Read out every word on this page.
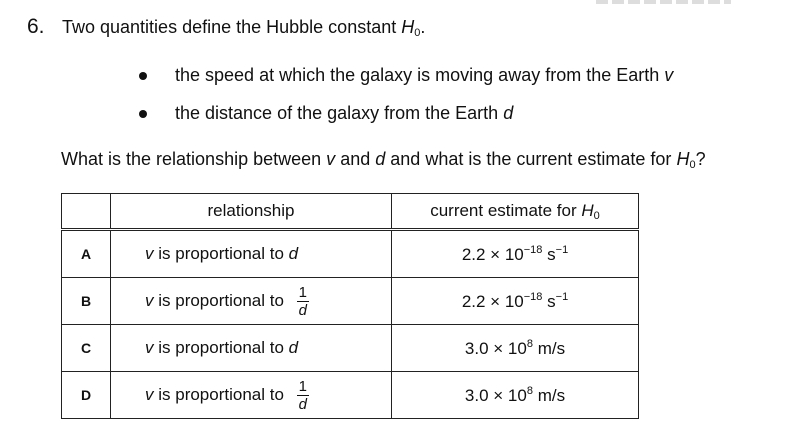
6. Two quantities define the Hubble constant $H_0$.
the speed at which the galaxy is moving away from the Earth v
the distance of the galaxy from the Earth d
What is the relationship between v and d and what is the current estimate for $H_0$?
	relationship	current estimate for $H_0$
A	v is proportional to d	$2.2 \times 10^{-18}$ $s^{-1}$
B	v is proportional to $\frac{1}{d}$	$2.2 \times 10^{-18}$ $s^{-1}$
C	v is proportional to d	$3.0 \times 10^8$ m/s
D	v is proportional to $\frac{1}{d}$	$3.0 \times 10^8$ m/s
